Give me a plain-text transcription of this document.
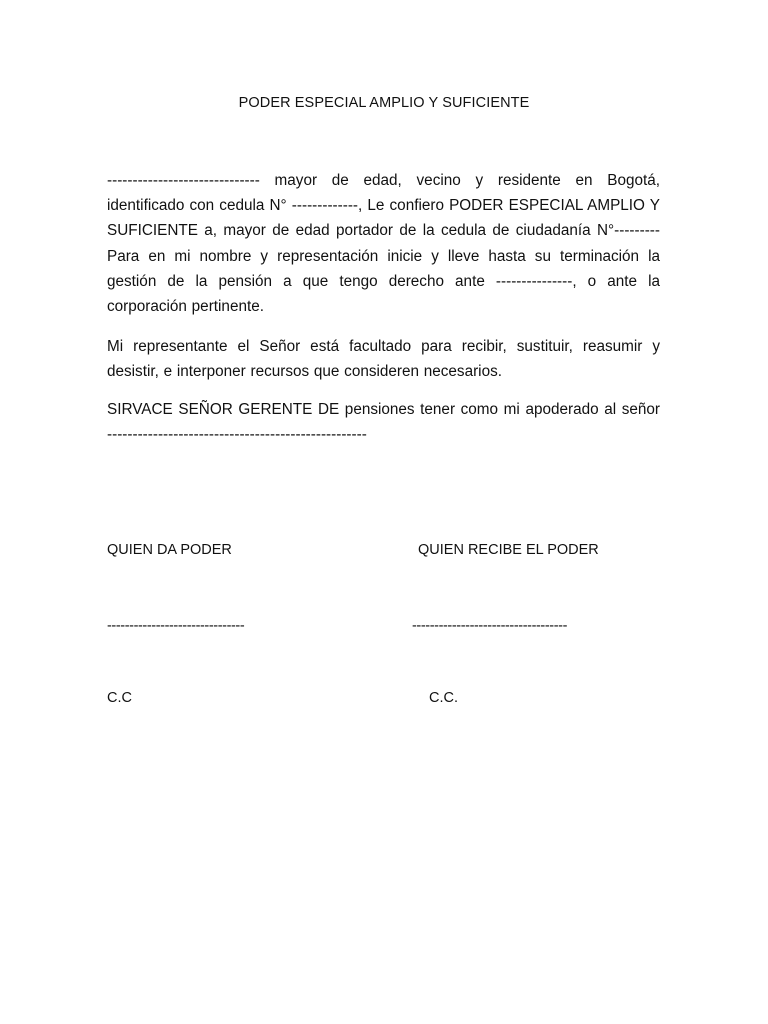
PODER ESPECIAL AMPLIO Y SUFICIENTE

------------------------------ mayor de edad, vecino y residente en Bogotá, identificado con cedula N° -------------, Le confiero PODER ESPECIAL AMPLIO Y SUFICIENTE a, mayor de edad portador de la cedula de ciudadanía N°--------- Para en mi nombre y representación inicie y lleve hasta su terminación la gestión de la pensión a que tengo derecho ante ---------------, o ante la corporación pertinente.

Mi representante el Señor está facultado para recibir, sustituir, reasumir y desistir, e interponer recursos que consideren necesarios.

SIRVACE SEÑOR GERENTE DE pensiones tener como mi apoderado al señor ---------------------------------------------------

QUIEN DA PODER	QUIEN RECIBE EL PODER
-------------------------------	-----------------------------------
C.C	C.C.
